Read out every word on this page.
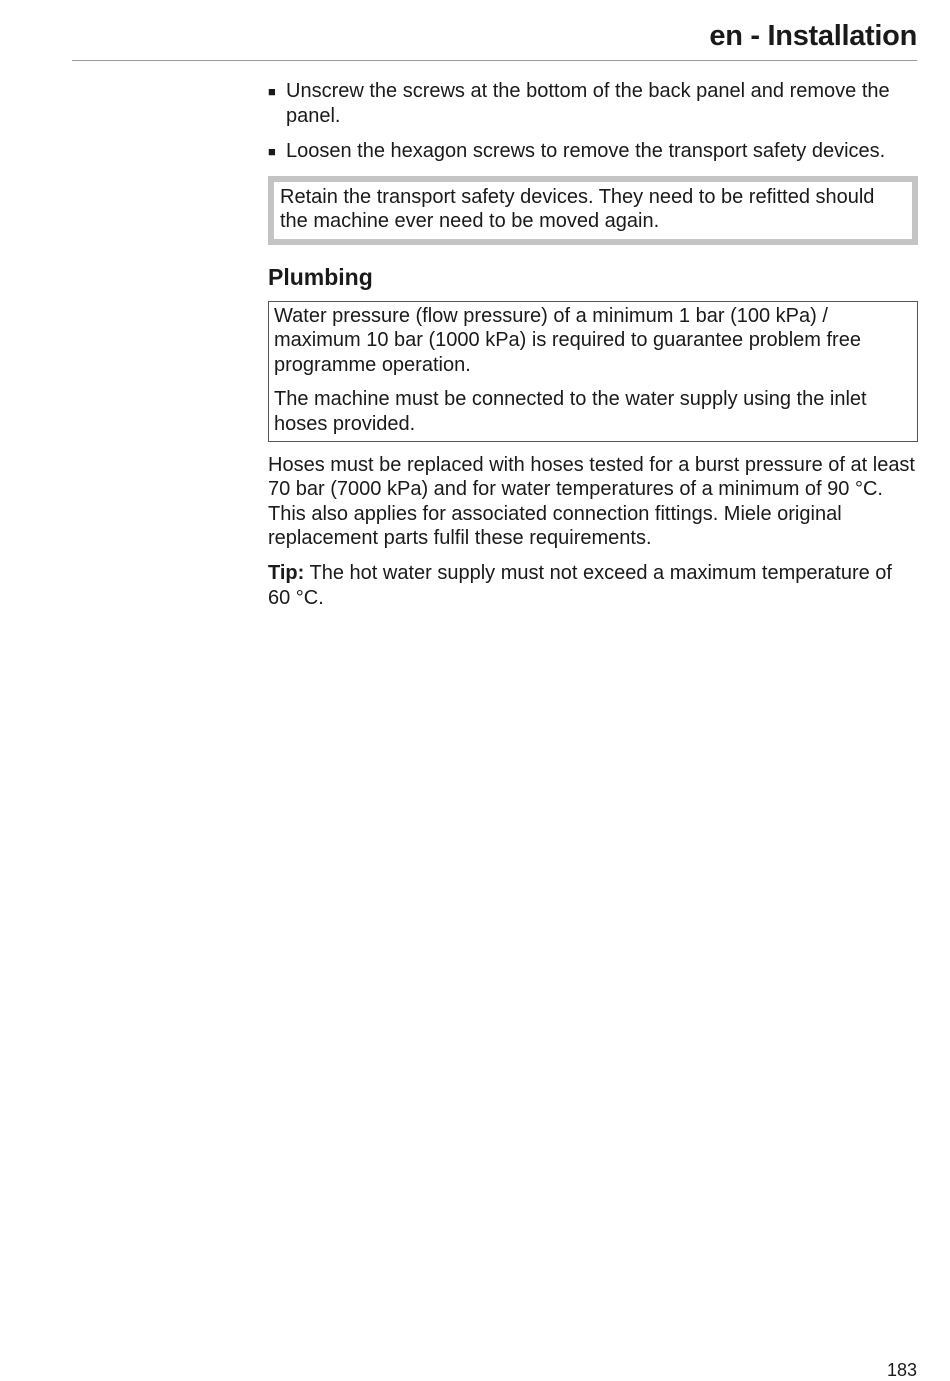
en - Installation
■ Unscrew the screws at the bottom of the back panel and remove the panel.
■ Loosen the hexagon screws to remove the transport safety devices.
Retain the transport safety devices. They need to be refitted should the machine ever need to be moved again.
Plumbing

Water pressure (flow pressure) of a minimum 1 bar (100 kPa) / maximum 10 bar (1000 kPa) is required to guarantee problem free programme operation.

The machine must be connected to the water supply using the inlet hoses provided.

Hoses must be replaced with hoses tested for a burst pressure of at least 70 bar (7000 kPa) and for water temperatures of a minimum of 90 °C.
This also applies for associated connection fittings. Miele original replacement parts fulfil these requirements.

Tip: The hot water supply must not exceed a maximum temperature of 60 °C.

183
